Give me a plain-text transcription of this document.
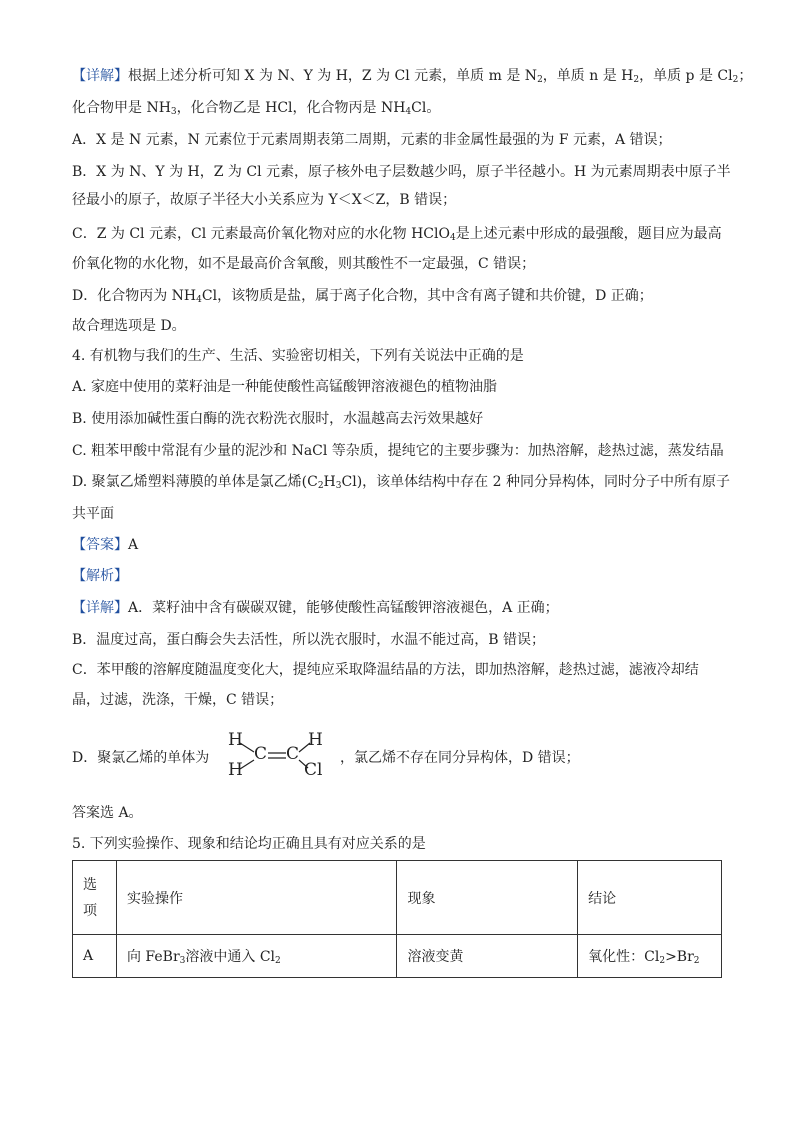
【详解】根据上述分析可知 X 为 N、Y 为 H，Z 为 Cl 元素，单质 m 是 $N_2$，单质 n 是 $H_2$，单质 p 是 $Cl_2$；
化合物甲是 $NH_3$，化合物乙是 HCl，化合物丙是 $NH_4Cl$。
A．X 是 N 元素，N 元素位于元素周期表第二周期，元素的非金属性最强的为 F 元素，A 错误；
B．X 为 N、Y 为 H，Z 为 Cl 元素，原子核外电子层数越少吗，原子半径越小。H 为元素周期表中原子半
径最小的原子，故原子半径大小关系应为 Y＜X＜Z，B 错误；
C．Z 为 Cl 元素，Cl 元素最高价氧化物对应的水化物 HClO$_4$是上述元素中形成的最强酸，题目应为最高
价氧化物的水化物，如不是最高价含氧酸，则其酸性不一定最强，C 错误；
D．化合物丙为 $NH_4Cl$，该物质是盐，属于离子化合物，其中含有离子键和共价键，D 正确；
故合理选项是 D。
4. 有机物与我们的生产、生活、实验密切相关，下列有关说法中正确的是
A. 家庭中使用的菜籽油是一种能使酸性高锰酸钾溶液褪色的植物油脂
B. 使用添加碱性蛋白酶的洗衣粉洗衣服时，水温越高去污效果越好
C. 粗苯甲酸中常混有少量的泥沙和 NaCl 等杂质，提纯它的主要步骤为：加热溶解，趁热过滤，蒸发结晶
D. 聚氯乙烯塑料薄膜的单体是氯乙烯$(C_2H_3Cl)$，该单体结构中存在 2 种同分异构体，同时分子中所有原子
共平面
【答案】A
【解析】
【详解】A．菜籽油中含有碳碳双键，能够使酸性高锰酸钾溶液褪色，A 正确；
B．温度过高，蛋白酶会失去活性，所以洗衣服时，水温不能过高，B 错误；
C．苯甲酸的溶解度随温度变化大，提纯应采取降温结晶的方法，即加热溶解，趁热过滤，滤液冷却结
晶，过滤，洗涤，干燥，C 错误；
D．聚氯乙烯的单体为
H
H
C C
H
Cl
，氯乙烯不存在同分异构体，D 错误；
答案选 A。
5. 下列实验操作、现象和结论均正确且具有对应关系的是
选
项	实验操作	现象	结论
A	向 FeBr$_3$溶液中通入 $Cl_2$	溶液变黄	氧化性：$Cl_2>Br_2$
